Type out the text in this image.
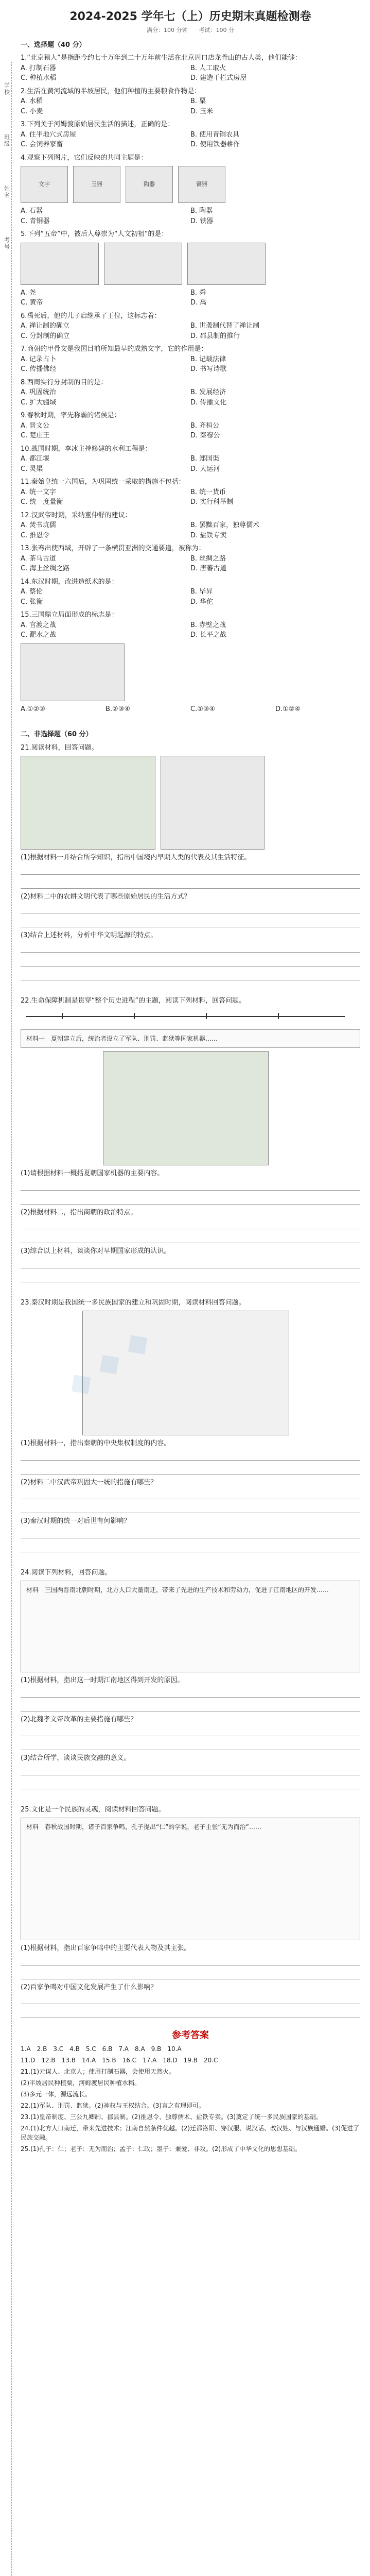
学校
班级
姓名
考号
2024-2025 学年七（上）历史期末真题检测卷
满分：100 分钟　　考试：100 分
一、选择题（40 分）
1.“北京猿人”是指距今约七十万年到二十万年前生活在北京周口店龙骨山的古人类，他们能够：
A. 打制石器	B. 人工取火
C. 种植水稻	D. 建造干栏式房屋
2.生活在黄河流域的半坡居民，他们种植的主要粮食作物是：
A. 水稻	B. 粟
C. 小麦	D. 玉米
3.下列关于河姆渡原始居民生活的描述，正确的是：
A. 住半地穴式房屋	B. 使用青铜农具
C. 会饲养家畜	D. 使用铁器耕作
4.观察下列图片，它们反映的共同主题是：
文字	玉器	陶器	铜器
A. 石器	B. 陶器
C. 青铜器	D. 铁器
5.下列“五帝”中，被后人尊崇为“人文初祖”的是：
A. 尧	B. 舜
C. 黄帝	D. 禹
6.禹死后，他的儿子启继承了王位，这标志着：
A. 禅让制的确立	B. 世袭制代替了禅让制
C. 分封制的确立	D. 郡县制的推行
7.商朝的甲骨文是我国目前所知最早的成熟文字，它的作用是：
A. 记录占卜	B. 记载法律
C. 传播佛经	D. 书写诗歌
8.西周实行分封制的目的是：
A. 巩固统治	B. 发展经济
C. 扩大疆域	D. 传播文化
9.春秋时期，率先称霸的诸侯是：
A. 晋文公	B. 齐桓公
C. 楚庄王	D. 秦穆公
10.战国时期，李冰主持修建的水利工程是：
A. 都江堰	B. 郑国渠
C. 灵渠	D. 大运河
11.秦始皇统一六国后，为巩固统一采取的措施不包括：
A. 统一文字	B. 统一货币
C. 统一度量衡	D. 实行科举制
12.汉武帝时期，采纳董仲舒的建议：
A. 焚书坑儒	B. 罢黜百家，独尊儒术
C. 推恩令	D. 盐铁专卖
13.张骞出使西域，开辟了一条横贯亚洲的交通要道，被称为：
A. 茶马古道	B. 丝绸之路
C. 海上丝绸之路	D. 唐蕃古道
14.东汉时期，改进造纸术的是：
A. 蔡伦	B. 毕昇
C. 张衡	D. 华佗
15.三国鼎立局面形成的标志是：
A. 官渡之战	B. 赤壁之战
C. 淝水之战	D. 长平之战
A.①②③	B.②③④	C.①③④	D.①②④
二、非选择题（60 分）
21.阅读材料，回答问题。
(1)根据材料一并结合所学知识，指出中国境内早期人类的代表及其生活特征。
(2)材料二中的农耕文明代表了哪些原始居民的生活方式？
(3)结合上述材料，分析中华文明起源的特点。
22.生命保障机制是贯穿“整个历史进程”的主题，阅读下列材料，回答问题。
材料一　夏朝建立后，统治者设立了军队、刑罚、监狱等国家机器……
(1)请根据材料一概括夏朝国家机器的主要内容。
(2)根据材料二，指出商朝的政治特点。
(3)综合以上材料，谈谈你对早期国家形成的认识。
23.秦汉时期是我国统一多民族国家的建立和巩固时期，阅读材料回答问题。
(1)根据材料一，指出秦朝的中央集权制度的内容。
(2)材料二中汉武帝巩固大一统的措施有哪些？
(3)秦汉时期的统一对后世有何影响？
24.阅读下列材料，回答问题。
材料　三国两晋南北朝时期，北方人口大量南迁，带来了先进的生产技术和劳动力，促进了江南地区的开发……
(1)根据材料，指出这一时期江南地区得到开发的原因。
(2)北魏孝文帝改革的主要措施有哪些？
(3)结合所学，谈谈民族交融的意义。
25.文化是一个民族的灵魂，阅读材料回答问题。
材料　春秋战国时期，诸子百家争鸣，孔子提出“仁”的学说，老子主张“无为而治”……
(1)根据材料，指出百家争鸣中的主要代表人物及其主张。
(2)百家争鸣对中国文化发展产生了什么影响？
参考答案
1.A　2.B　3.C　4.B　5.C　6.B　7.A　8.A　9.B　10.A
11.D　12.B　13.B　14.A　15.B　16.C　17.A　18.D　19.B　20.C
21.(1)元谋人、北京人；使用打制石器，会使用天然火。
(2)半坡居民种植粟，河姆渡居民种植水稻。
(3)多元一体，源远流长。
22.(1)军队、刑罚、监狱。(2)神权与王权结合。(3)言之有理即可。
23.(1)皇帝制度、三公九卿制、郡县制。(2)推恩令、独尊儒术、盐铁专卖。(3)奠定了统一多民族国家的基础。
24.(1)北方人口南迁，带来先进技术；江南自然条件优越。(2)迁都洛阳、穿汉服、说汉话、改汉姓、与汉族通婚。(3)促进了民族交融。
25.(1)孔子：仁；老子：无为而治；孟子：仁政；墨子：兼爱、非攻。(2)形成了中华文化的思想基础。
◆
